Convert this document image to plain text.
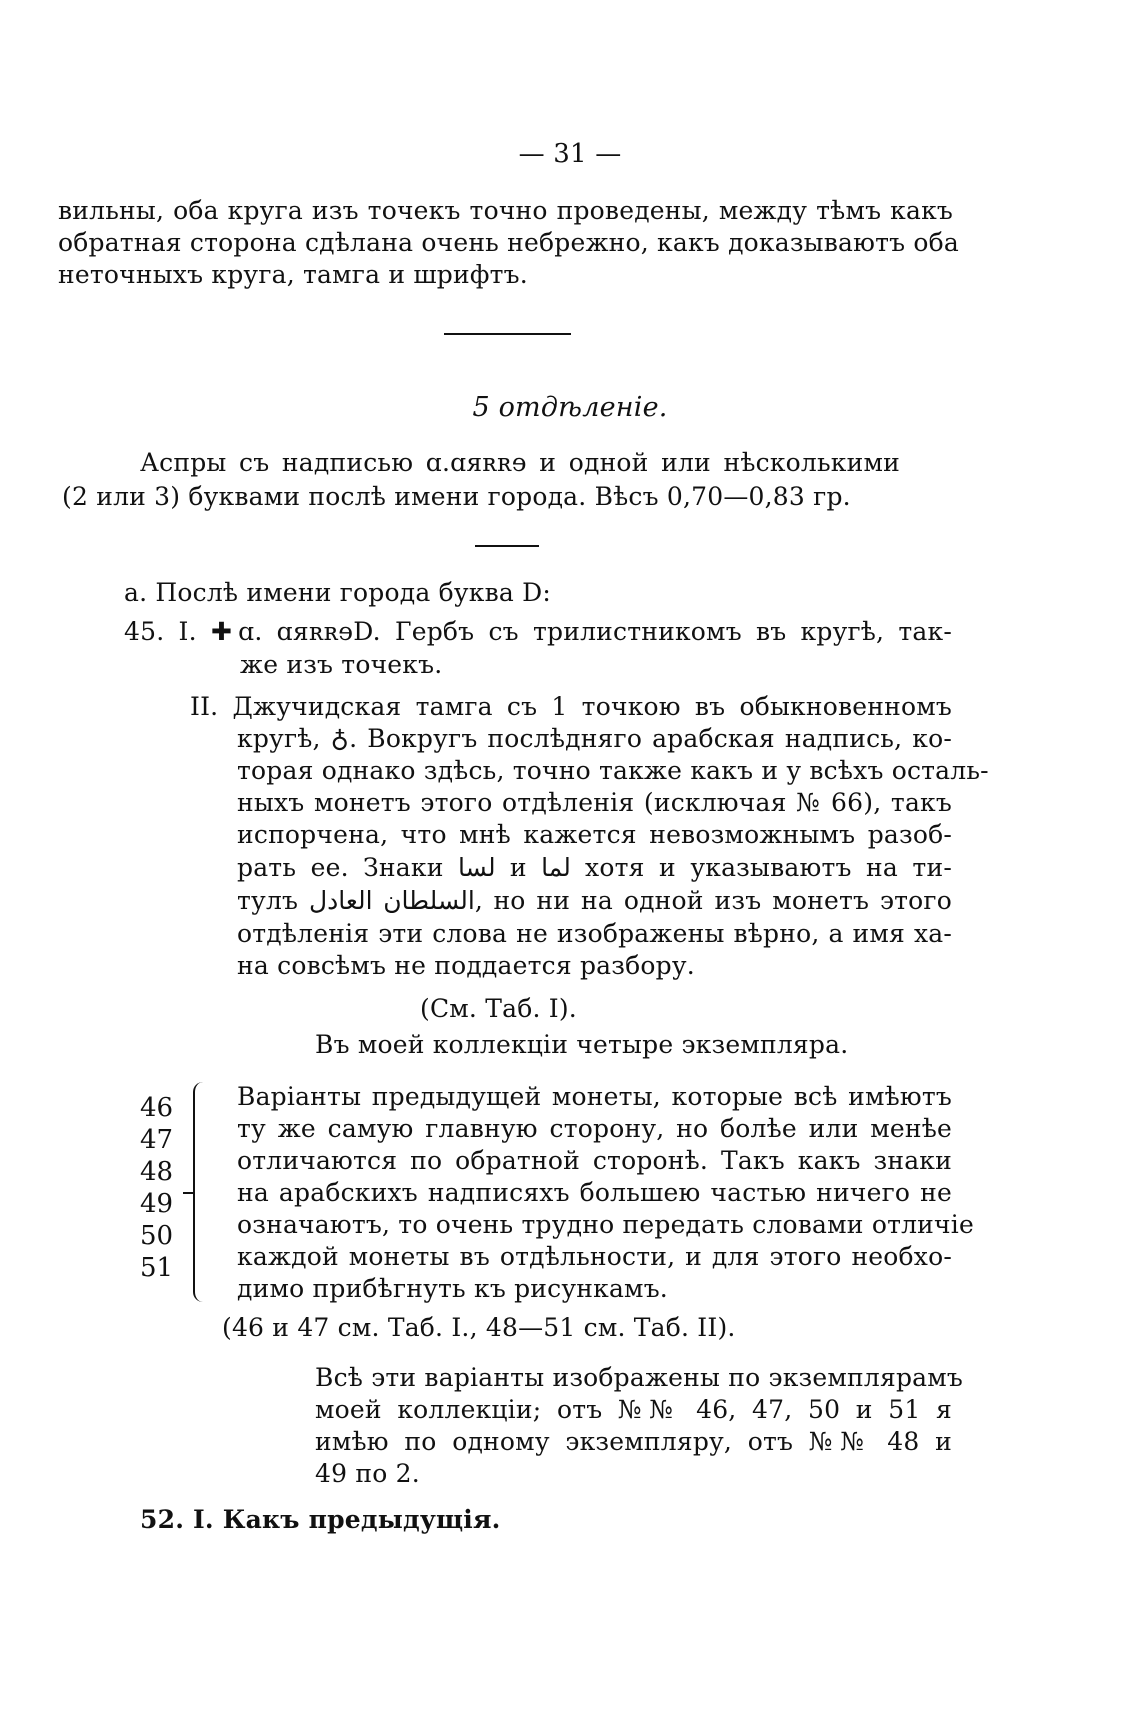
— 31 —
вильны, оба круга изъ точекъ точно проведены, между тѣмъ какъ
обратная сторона сдѣлана очень небрежно, какъ доказываютъ оба
неточныхъ круга, тамга и шрифтъ.
5 отдѣленіе.
Аспры съ надписью ɑ.ɑяʀʀɘ и одной или нѣсколькими
(2 или 3) буквами послѣ имени города. Вѣсъ 0,70—0,83 гр.
а. Послѣ имени города буква D:
45. I. ✚ɑ. ɑяʀʀɘD. Гербъ съ трилистникомъ въ кругѣ, так-
же изъ точекъ.
II. Джучидская тамга съ 1 точкою въ обыкновенномъ
кругѣ, ♁. Вокругъ послѣдняго арабская надпись, ко-
торая однако здѣсь, точно также какъ и у всѣхъ осталь-
ныхъ монетъ этого отдѣленія (исключая № 66), такъ
испорчена, что мнѣ кажется невозможнымъ разоб-
рать ее. Знаки لسا и لما хотя и указываютъ на ти-
тулъ السلطان العادل, но ни на одной изъ монетъ этого
отдѣленія эти слова не изображены вѣрно, а имя ха-
на совсѣмъ не поддается разбору.
(См. Таб. I).
Въ моей коллекціи четыре экземпляра.
46
47
48
49
50
51
Варіанты предыдущей монеты, которые всѣ имѣютъ
ту же самую главную сторону, но болѣе или менѣе
отличаются по обратной сторонѣ. Такъ какъ знаки
на арабскихъ надписяхъ большею частью ничего не
означаютъ, то очень трудно передать словами отличіе
каждой монеты въ отдѣльности, и для этого необхо-
димо прибѣгнуть къ рисункамъ.
(46 и 47 см. Таб. I., 48—51 см. Таб. II).
Всѣ эти варіанты изображены по экземплярамъ
моей коллекціи; отъ №№ 46, 47, 50 и 51 я
имѣю по одному экземпляру, отъ №№ 48 и
49 по 2.
52. I. Какъ предыдущія.
